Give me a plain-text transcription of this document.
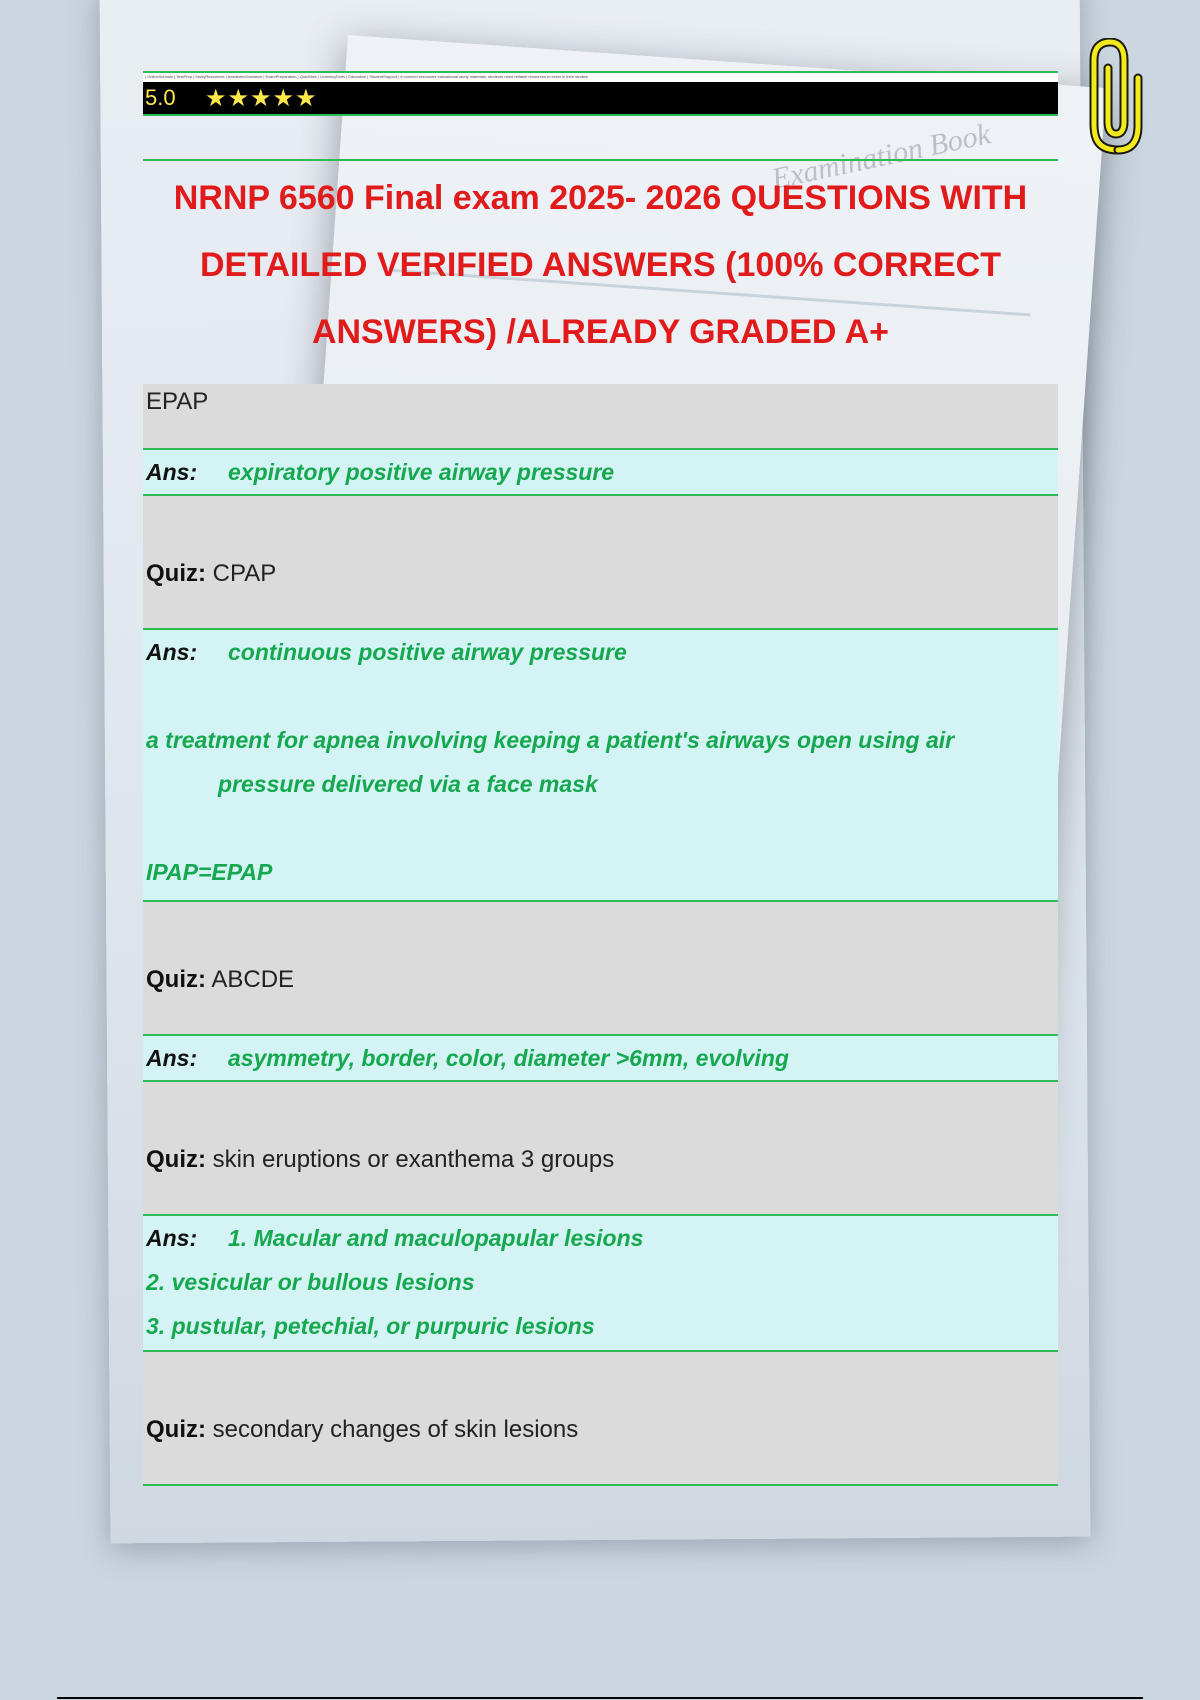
Examination Book
| OnlineSchools | TestPrep | StudyResources | AcademicGuidance | ExamPreparation | QuizSites | LearningTools | Education | StudentSupport | # connect resources educational study materials, students need reliable resources to excel in their studies
5.0	★★★★★
NRNP 6560 Final exam 2025- 2026 QUESTIONS WITH
DETAILED VERIFIED ANSWERS (100% CORRECT
ANSWERS) /ALREADY GRADED A+
EPAP
Ans: expiratory positive airway pressure
Quiz: CPAP
Ans: continuous positive airway pressure
a treatment for apnea involving keeping a patient's airways open using air
pressure delivered via a face mask
IPAP=EPAP
Quiz: ABCDE
Ans: asymmetry, border, color, diameter >6mm, evolving
Quiz: skin eruptions or exanthema 3 groups
Ans: 1. Macular and maculopapular lesions
2. vesicular or bullous lesions
3. pustular, petechial, or purpuric lesions
Quiz: secondary changes of skin lesions
